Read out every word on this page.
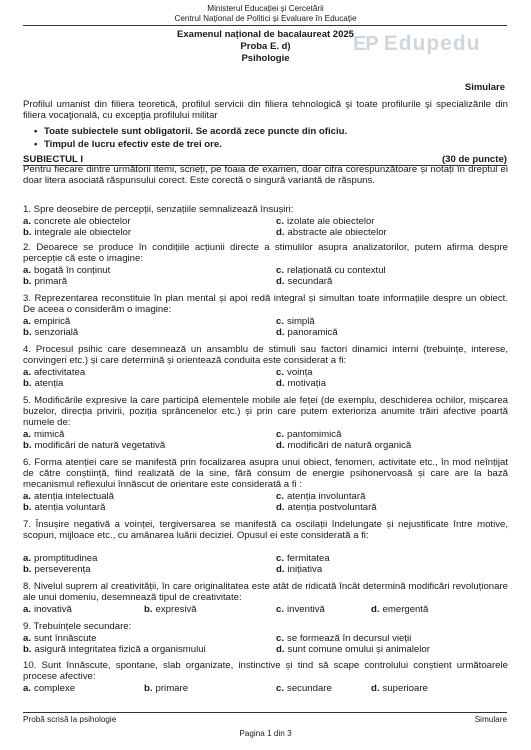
Ministerul Educației și Cercetării
Centrul Național de Politici și Evaluare în Educație
ЕР Edupedu
Examenul național de bacalaureat 2025
Proba E. d)
Psihologie
Simulare
Profilul umanist din filiera teoretică, profilul servicii din filiera tehnologică şi toate profilurile şi specializările din filiera vocaţională, cu excepţia profilului militar
• Toate subiectele sunt obligatorii. Se acordă zece puncte din oficiu.
• Timpul de lucru efectiv este de trei ore.
SUBIECTUL I	(30 de puncte)
Pentru fiecare dintre următorii itemi, scrieți, pe foaia de examen, doar cifra corespunzătoare și notați în dreptul ei doar litera asociată răspunsului corect. Este corectă o singură variantă de răspuns.
1. Spre deosebire de percepții, senzațiile semnalizează însușiri:
a. concrete ale obiectelor	c. izolate ale obiectelor
b. integrale ale obiectelor	d. abstracte ale obiectelor
2. Deoarece se produce în condițiile acțiunii directe a stimulilor asupra analizatorilor, putem afirma despre percepție că este o imagine:
a. bogată în conținut	c. relaționată cu contextul
b. primară	d. secundară
3. Reprezentarea reconstituie în plan mental și apoi redă integral și simultan toate informațiile despre un obiect. De aceea o considerăm o imagine:
a. empirică	c. simplă
b. senzorială	d. panoramică
4. Procesul psihic care desemnează un ansamblu de stimuli sau factori dinamici interni (trebuințe, interese, convingeri etc.) și care determină și orientează conduita este considerat a fi:
a. afectivitatea	c. voința
b. atenția	d. motivația
5. Modificările expresive la care participă elementele mobile ale feței (de exemplu, deschiderea ochilor, mișcarea buzelor, direcția privirii, poziția sprâncenelor etc.) și prin care putem exterioriza anumite trăiri afective poartă numele de:
a. mimică	c. pantomimică
b. modificări de natură vegetativă	d. modificări de natură organică
6. Forma atenției care se manifestă prin focalizarea asupra unui obiect, fenomen, activitate etc., în mod neînțijat de către conștiință, fiind realizată de la sine, fără consum de energie psihonervoasă și care are la bază mecanismul reflexului înnăscut de orientare este considerată a fi :
a. atenția intelectuală	c. atenția involuntară
b. atenția voluntară	d. atenția postvoluntară
7. Însușire negativă a voinței, tergiversarea se manifestă ca oscilații îndelungate și nejustificate între motive, scopuri, mijloace etc., cu amânarea luării deciziei. Opusul ei este considerată a fi:
a. promptitudinea	c. fermitatea
b. perseverența	d. inițiativa
8. Nivelul suprem al creativității, în care originalitatea este atât de ridicată încât determină modificări revoluționare ale unui domeniu, desemnează tipul de creativitate:
a. inovativă	b. expresivă	c. inventivă	d. emergentă
9. Trebuințele secundare:
a. sunt înnăscute	c. se formează în decursul vieții
b. asigură integritatea fizică a organismului	d. sunt comune omului și animalelor
10. Sunt înnăscute, spontane, slab organizate, instinctive și tind să scape controlului conștient următoarele procese afective:
a. complexe	b. primare	c. secundare	d. superioare
Probă scrisă la psihologie	Simulare
Pagina 1 din 3
